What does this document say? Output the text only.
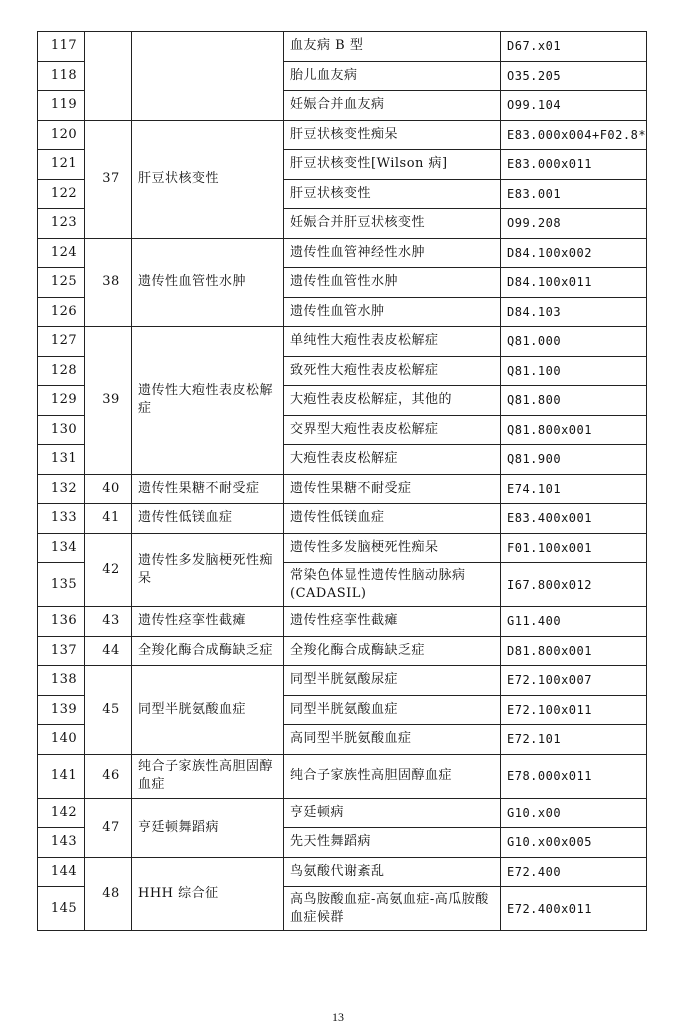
117			血友病 B 型	D67.x01
118			胎儿血友病	O35.205
119			妊娠合并血友病	O99.104
120	37	肝豆状核变性	肝豆状核变性痴呆	E83.000x004+F02.8*
121			肝豆状核变性[Wilson 病]	E83.000x011
122			肝豆状核变性	E83.001
123			妊娠合并肝豆状核变性	O99.208
124	38	遗传性血管性水肿	遗传性血管神经性水肿	D84.100x002
125			遗传性血管性水肿	D84.100x011
126			遗传性血管水肿	D84.103
127	39	遗传性大疱性表皮松解症	单纯性大疱性表皮松解症	Q81.000
128			致死性大疱性表皮松解症	Q81.100
129			大疱性表皮松解症，其他的	Q81.800
130			交界型大疱性表皮松解症	Q81.800x001
131			大疱性表皮松解症	Q81.900
132	40	遗传性果糖不耐受症	遗传性果糖不耐受症	E74.101
133	41	遗传性低镁血症	遗传性低镁血症	E83.400x001
134	42	遗传性多发脑梗死性痴呆	遗传性多发脑梗死性痴呆	F01.100x001
135			常染色体显性遗传性脑动脉病(CADASIL)	I67.800x012
136	43	遗传性痉挛性截瘫	遗传性痉挛性截瘫	G11.400
137	44	全羧化酶合成酶缺乏症	全羧化酶合成酶缺乏症	D81.800x001
138	45	同型半胱氨酸血症	同型半胱氨酸尿症	E72.100x007
139			同型半胱氨酸血症	E72.100x011
140			高同型半胱氨酸血症	E72.101
141	46	纯合子家族性高胆固醇血症	纯合子家族性高胆固醇血症	E78.000x011
142	47	亨廷顿舞蹈病	亨廷顿病	G10.x00
143			先天性舞蹈病	G10.x00x005
144	48	HHH 综合征	鸟氨酸代谢紊乱	E72.400
145			高鸟胺酸血症-高氨血症-高瓜胺酸血症候群	E72.400x011
13
